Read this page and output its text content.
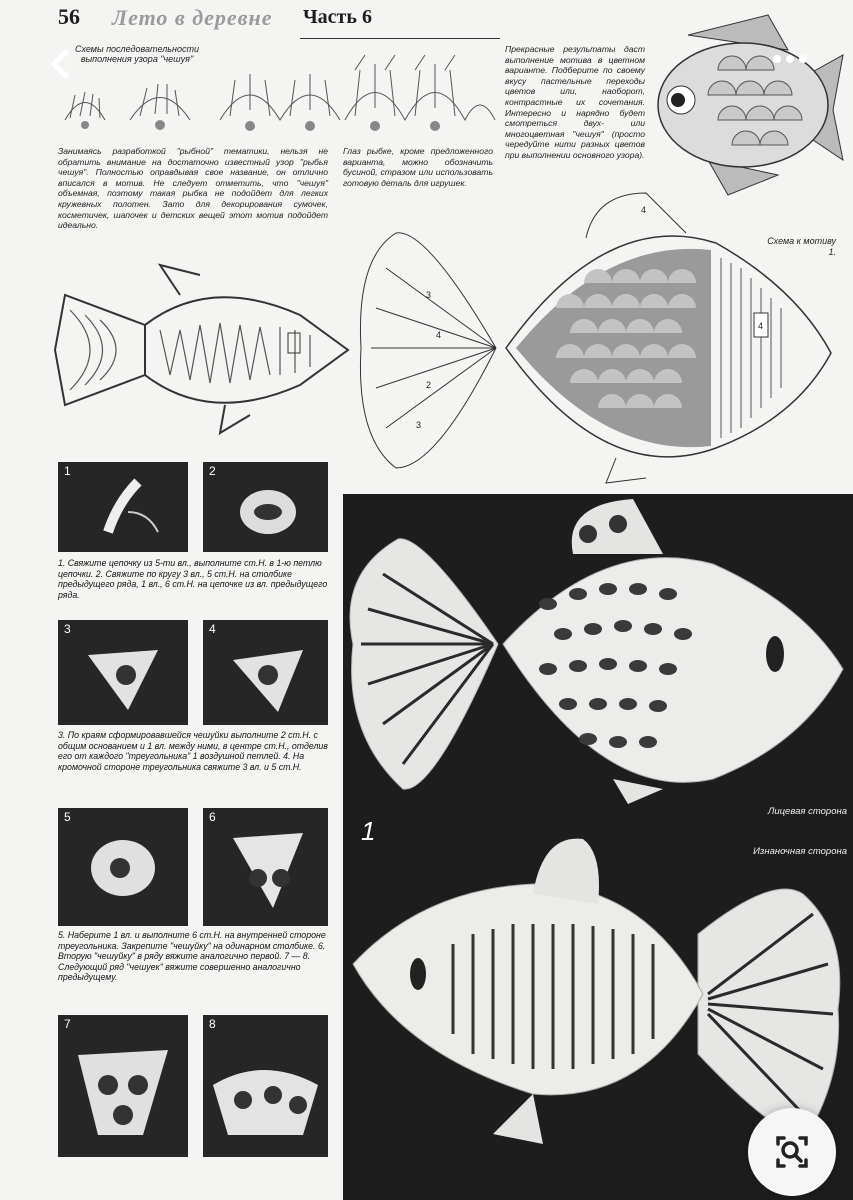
56 Лето в деревне Часть 6
Схемы последовательности выполнения узора "чешуя"
Занимаясь разработкой "рыбной" тематики, нельзя не обратить внимание на достаточно известный узор "рыбья чешуя". Полностью оправдывая свое название, он отлично вписался в мотив. Не следует отметить, что "чешуя" объемная, поэтому такая рыбка не подойдет для легких кружевных полотен. Зато для декорирования сумочек, косметичек, шапочек и детских вещей этот мотив подойдет идеально.
Глаз рыбке, кроме предложенного варианта, можно обозначить бусиной, стразом или использовать готовую деталь для игрушек.
Прекрасные результаты даст выполнение мотива в цветном варианте. Подберите по своему вкусу пастельные переходы цветов или, наоборот, контрастные их сочетания. Интересно и нарядно будет смотреться двух- или многоцветная "чешуя" (просто чередуйте нити разных цветов при выполнении основного узора).
Схема к мотиву 1.
3
4
2
3
4
4
1	2
1. Свяжите цепочку из 5-ти вл., выполните ст.Н. в 1-ю петлю цепочки. 2. Свяжите по кругу 3 вл., 5 ст.Н. на столбике предыдущего ряда, 1 вл., 6 ст.Н. на цепочке из вл. предыдущего ряда.
3	4
3. По краям сформировавшейся чешуйки выполните 2 ст.Н. с общим основанием и 1 вл. между ними, в центре ст.Н., отделив его от каждого "треугольника" 1 воздушной петлей. 4. На кромочной стороне треугольника свяжите 3 вл. и 5 ст.Н.
5	6
5. Наберите 1 вл. и выполните 6 ст.Н. на внутренней стороне треугольника. Закрепите "чешуйку" на одинарном столбике. 6. Вторую "чешуйку" в ряду вяжите аналогично первой. 7 — 8. Следующий ряд "чешуек" вяжите совершенно аналогично предыдущему.
7	8
Лицевая сторона
Изнаночная сторона
1
